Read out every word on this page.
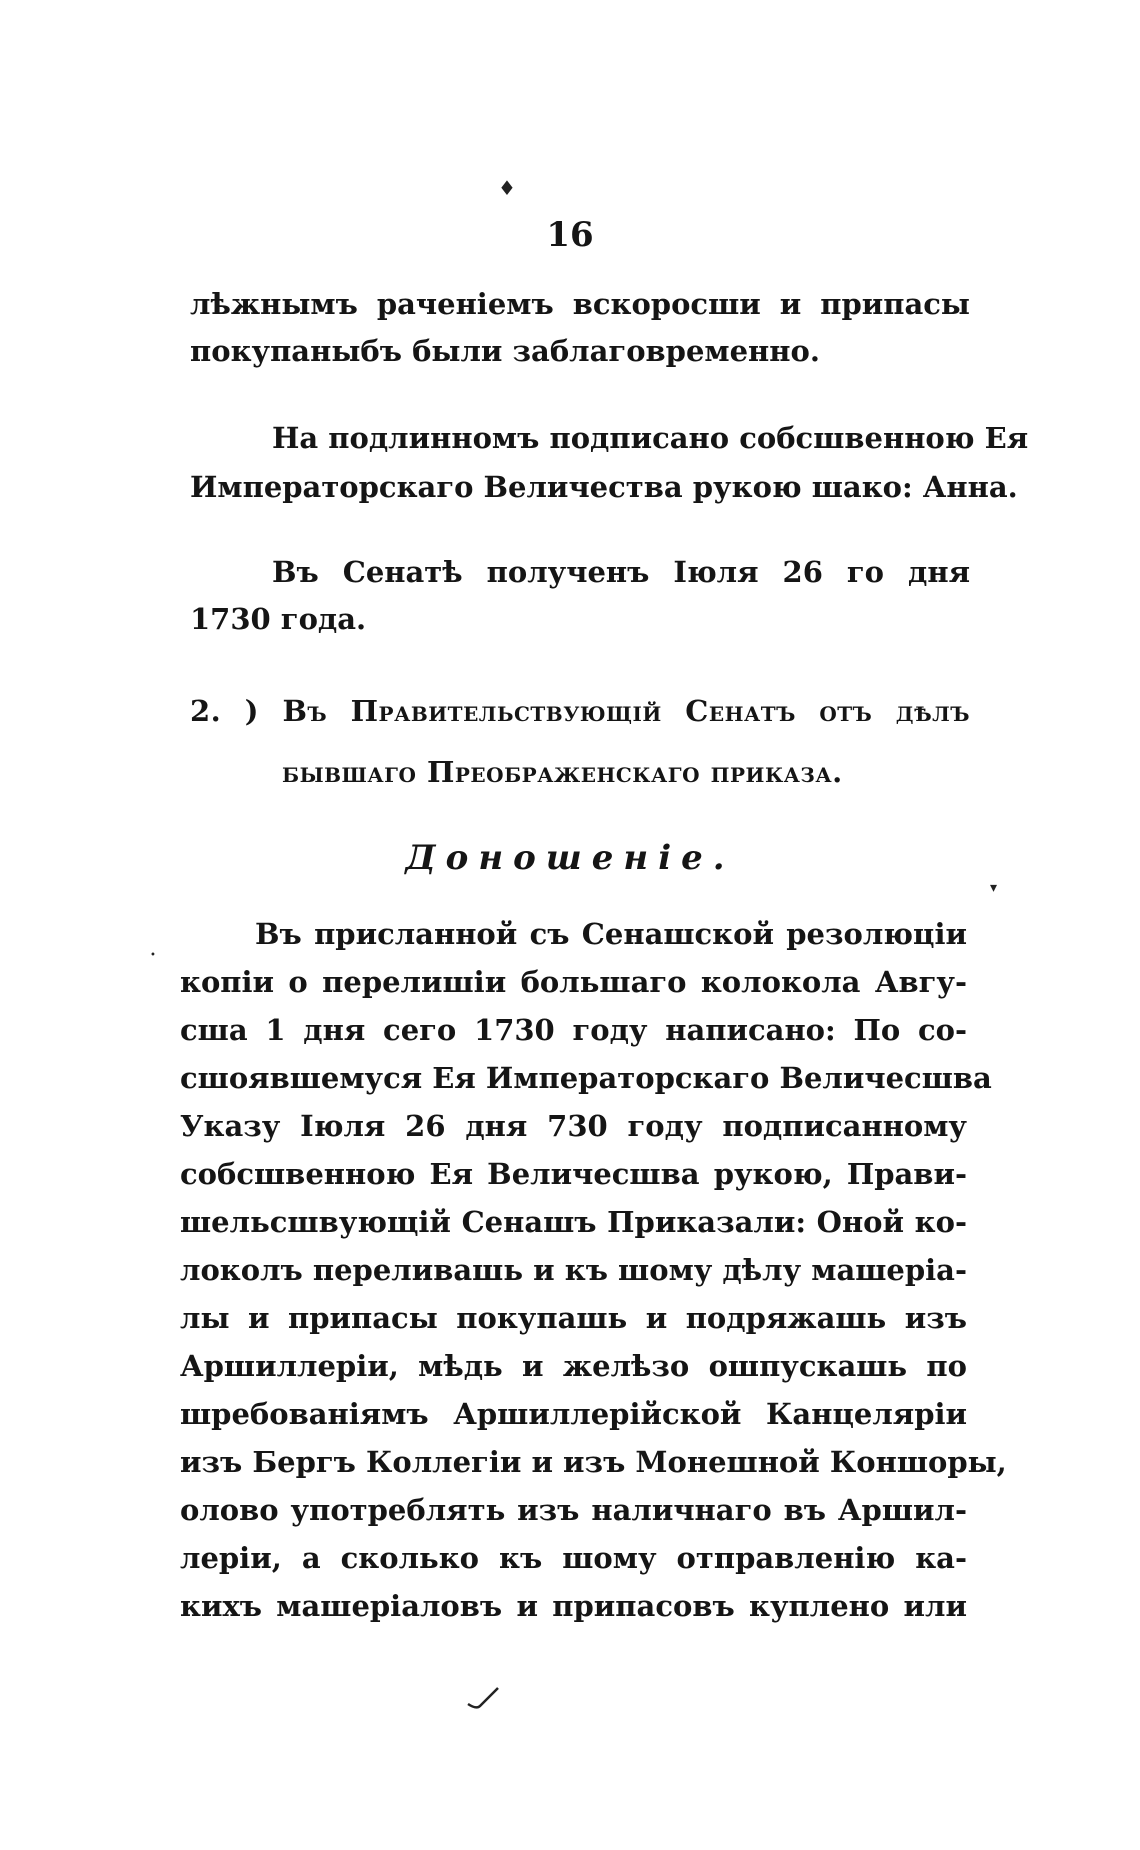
♦
16
лѣжнымъ раченіемъ вскоросши и припасы
покупаныбъ были заблаговременно.
На подлинномъ подписано собсшвенною Ея
Императорскаго Величества рукою шако: Анна.
Въ Сенатѣ полученъ Іюля 26 го дня
1730 года.
2. ) Въ Правительствующій Сенатъ отъ дѣлъ
бывшаго Преображенскаго приказа.
Доношеніе.
Въ присланной съ Сенашской резолюціи
копіи о перелишіи большаго колокола Авгу-
сша 1 дня сего 1730 году написано: По со-
сшоявшемуся Ея Императорскаго Величесшва
Указу Іюля 26 дня 730 году подписанному
собсшвенною Ея Величесшва рукою, Прави-
шельсшвующій Сенашъ Приказали: Оной ко-
локолъ переливашь и къ шому дѣлу машеріа-
лы и припасы покупашь и подряжашь изъ
Аршиллеріи, мѣдь и желѣзо ошпускашь по
шребованіямъ Аршиллерійской Канцеляріи
изъ Бергъ Коллегіи и изъ Монешной Коншоры,
олово употреблять изъ наличнаго въ Аршил-
леріи, а сколько къ шому отправленію ка-
кихъ машеріаловъ и припасовъ куплено или
▾
•
